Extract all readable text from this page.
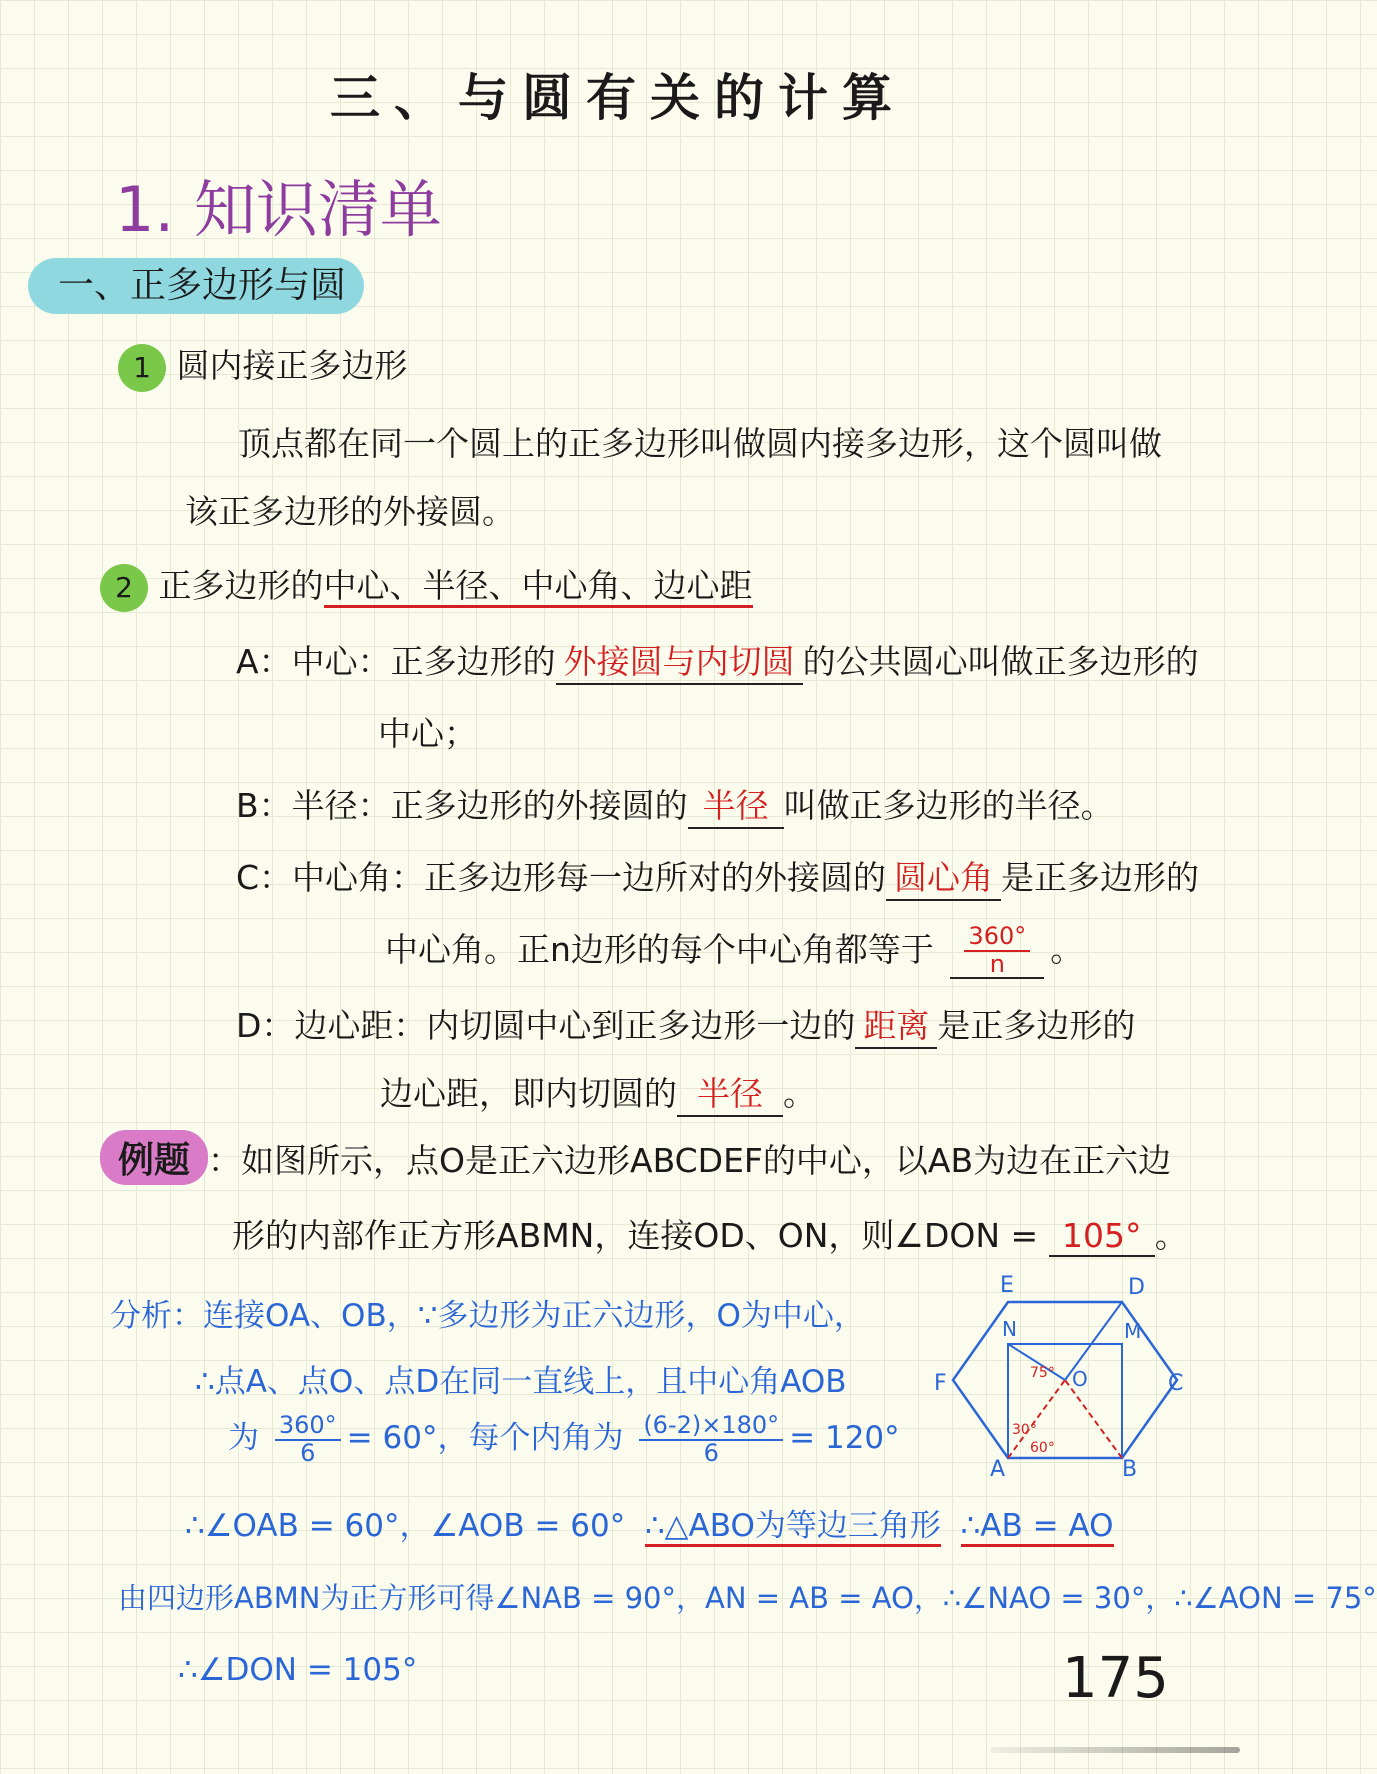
三、与圆有关的计算
1. 知识清单
一、正多边形与圆
1 圆内接正多边形
顶点都在同一个圆上的正多边形叫做圆内接多边形，这个圆叫做
该正多边形的外接圆。
2 正多边形的中心、半径、中心角、边心距
A：中心：正多边形的 外接圆与内切圆 的公共圆心叫做正多边形的
中心；
B：半径：正多边形的外接圆的 半径 叫做正多边形的半径。
C：中心角：正多边形每一边所对的外接圆的 圆心角 是正多边形的
中心角。正n边形的每个中心角都等于 $\frac{360^\circ}{n}$ 。
D：边心距：内切圆中心到正多边形一边的 距离 是正多边形的
边心距，即内切圆的 半径 。
例题 ：如图所示，点O是正六边形ABCDEF的中心，以AB为边在正六边
形的内部作正方形ABMN，连接OD、ON，则∠DON = 105° 。
分析：连接OA、OB，∵多边形为正六边形，O为中心，
∴点A、点O、点D在同一直线上，且中心角AOB
为 $\frac{360^\circ}{6} = 60^\circ$，每个内角为 $\frac{(6-2)\times 180^\circ}{6} = 120^\circ$
∴∠OAB = 60°，∠AOB = 60° ∴△ABO为等边三角形 ∴AB = AO
由四边形ABMN为正方形可得∠NAB = 90°，AN = AB = AO，∴∠NAO = 30°，∴∠AON = 75°
∴∠DON = 105°
E	D
F	C
A	B
N	M
O
75°
30°
60°
175
